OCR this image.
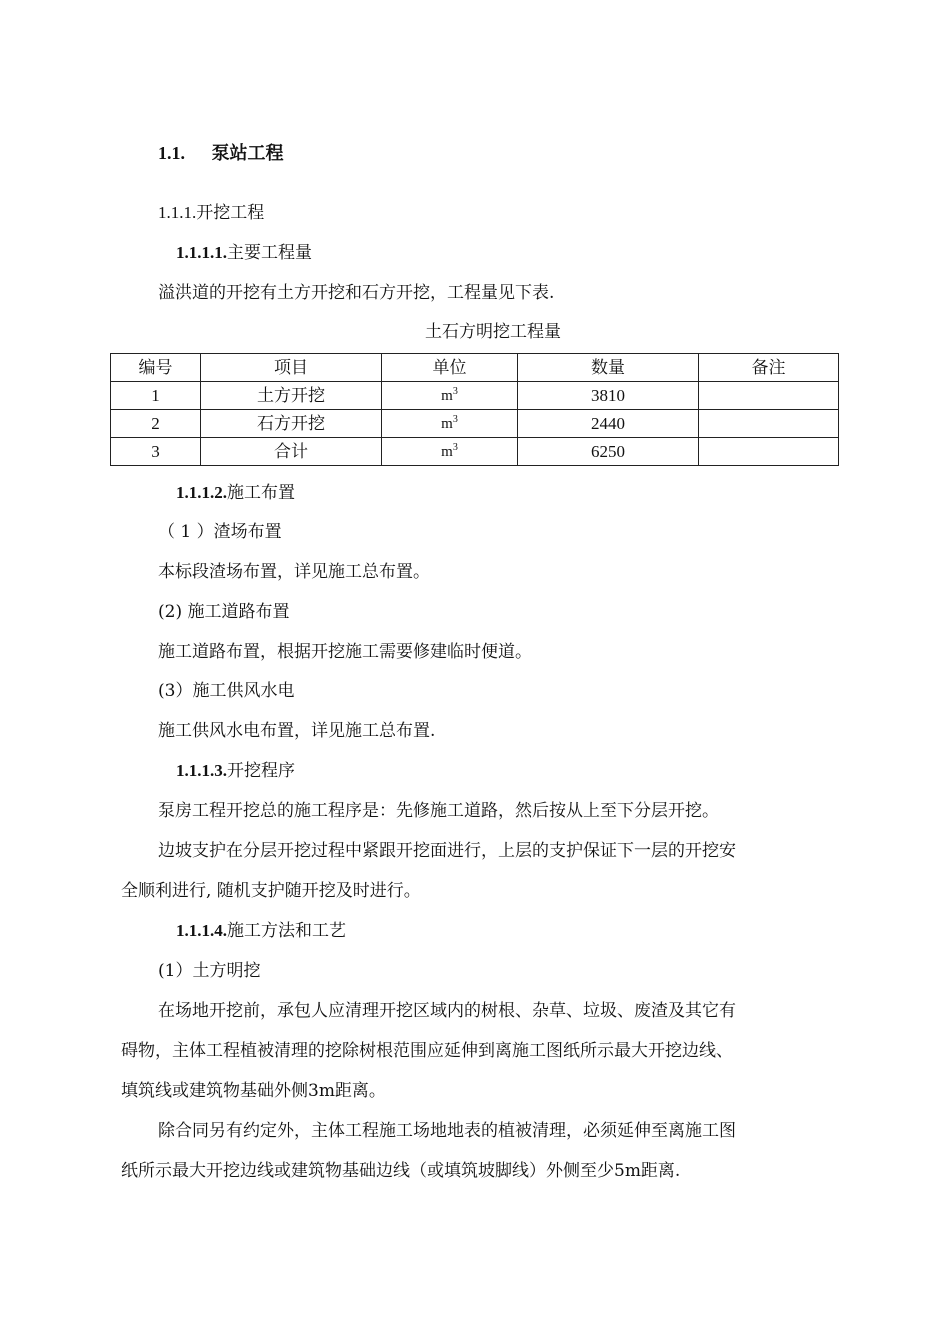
1.1. 泵站工程
1.1.1.开挖工程
1.1.1.1.主要工程量
溢洪道的开挖有土方开挖和石方开挖，工程量见下表.
土石方明挖工程量
编号	项目	单位	数量	备注
1	土方开挖	$m^3$	3810	
2	石方开挖	$m^3$	2440	
3	合计	$m^3$	6250	
1.1.1.2.施工布置
（ 1 ）渣场布置
本标段渣场布置，详见施工总布置。
(2) 施工道路布置
施工道路布置，根据开挖施工需要修建临时便道。
(3）施工供风水电
施工供风水电布置，详见施工总布置.
1.1.1.3.开挖程序
泵房工程开挖总的施工程序是：先修施工道路，然后按从上至下分层开挖。
边坡支护在分层开挖过程中紧跟开挖面进行，上层的支护保证下一层的开挖安
全顺利进行, 随机支护随开挖及时进行。
1.1.1.4.施工方法和工艺
(1）土方明挖
在场地开挖前，承包人应清理开挖区域内的树根、杂草、垃圾、废渣及其它有
碍物，主体工程植被清理的挖除树根范围应延伸到离施工图纸所示最大开挖边线、
填筑线或建筑物基础外侧3m距离。
除合同另有约定外，主体工程施工场地地表的植被清理，必须延伸至离施工图
纸所示最大开挖边线或建筑物基础边线（或填筑坡脚线）外侧至少5m距离.
